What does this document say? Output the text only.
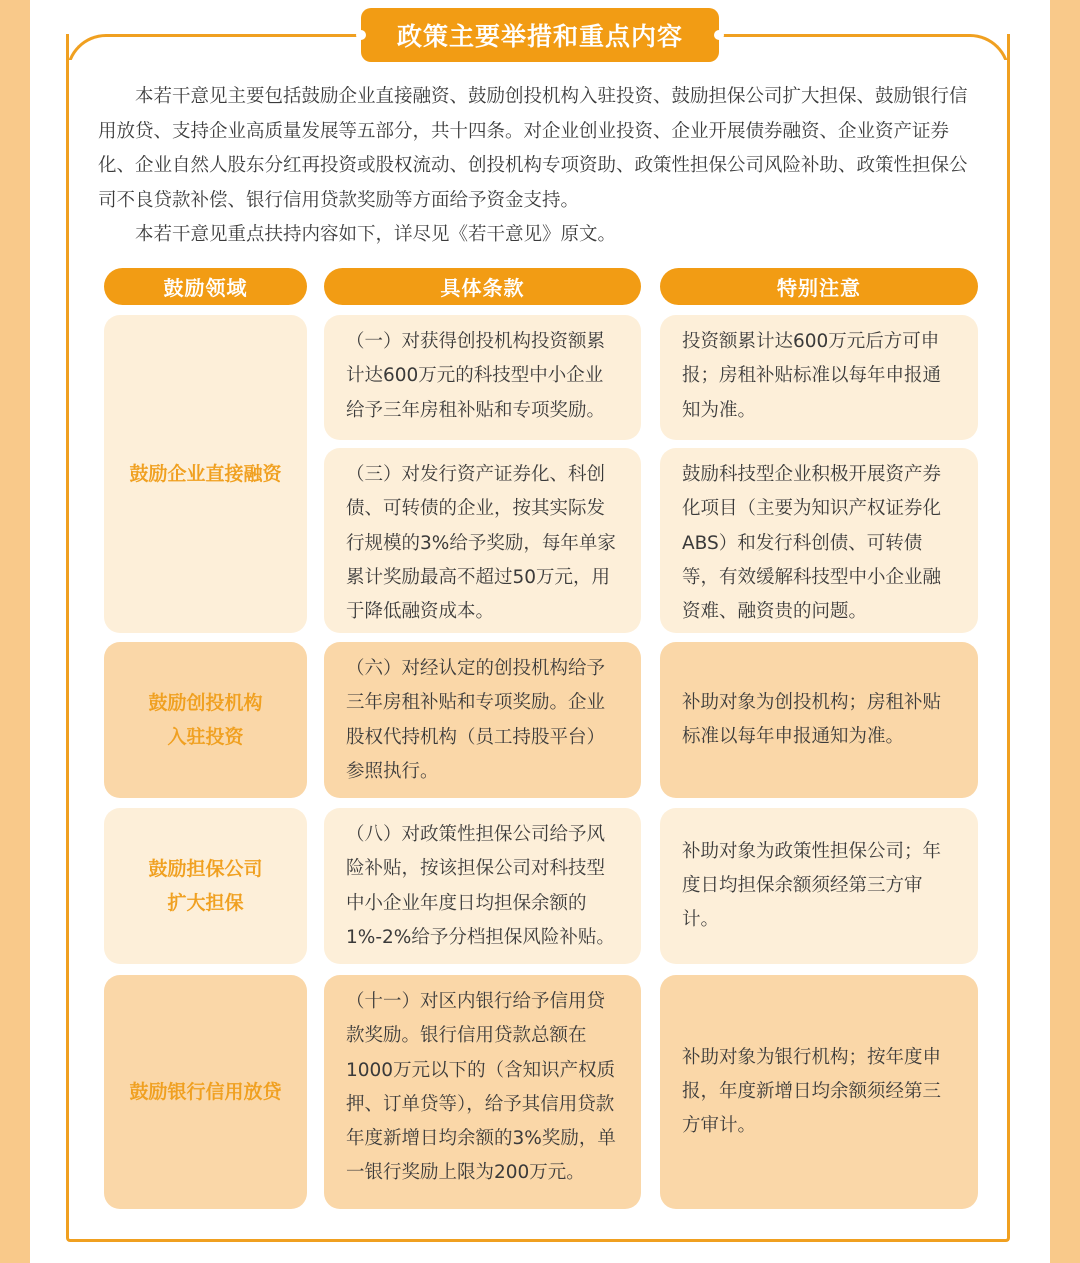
政策主要举措和重点内容

本若干意见主要包括鼓励企业直接融资、鼓励创投机构入驻投资、鼓励担保公司扩大担保、鼓励银行信用放贷、支持企业高质量发展等五部分，共十四条。对企业创业投资、企业开展债券融资、企业资产证券化、企业自然人股东分红再投资或股权流动、创投机构专项资助、政策性担保公司风险补助、政策性担保公司不良贷款补偿、银行信用贷款奖励等方面给予资金支持。

本若干意见重点扶持内容如下，详尽见《若干意见》原文。

鼓励领域	具体条款	特别注意
鼓励企业直接融资
（一）对获得创投机构投资额累计达600万元的科技型中小企业给予三年房租补贴和专项奖励。
投资额累计达600万元后方可申报；房租补贴标准以每年申报通知为准。
（三）对发行资产证券化、科创债、可转债的企业，按其实际发行规模的3%给予奖励，每年单家累计奖励最高不超过50万元，用于降低融资成本。
鼓励科技型企业积极开展资产券化项目（主要为知识产权证券化ABS）和发行科创债、可转债等，有效缓解科技型中小企业融资难、融资贵的问题。
鼓励创投机构
入驻投资
（六）对经认定的创投机构给予三年房租补贴和专项奖励。企业股权代持机构（员工持股平台）参照执行。
补助对象为创投机构；房租补贴标准以每年申报通知为准。
鼓励担保公司
扩大担保
（八）对政策性担保公司给予风险补贴，按该担保公司对科技型中小企业年度日均担保余额的1%-2%给予分档担保风险补贴。
补助对象为政策性担保公司；年度日均担保余额须经第三方审计。
鼓励银行信用放贷
（十一）对区内银行给予信用贷款奖励。银行信用贷款总额在1000万元以下的（含知识产权质押、订单贷等），给予其信用贷款年度新增日均余额的3%奖励，单一银行奖励上限为200万元。
补助对象为银行机构；按年度申报，年度新增日均余额须经第三方审计。
